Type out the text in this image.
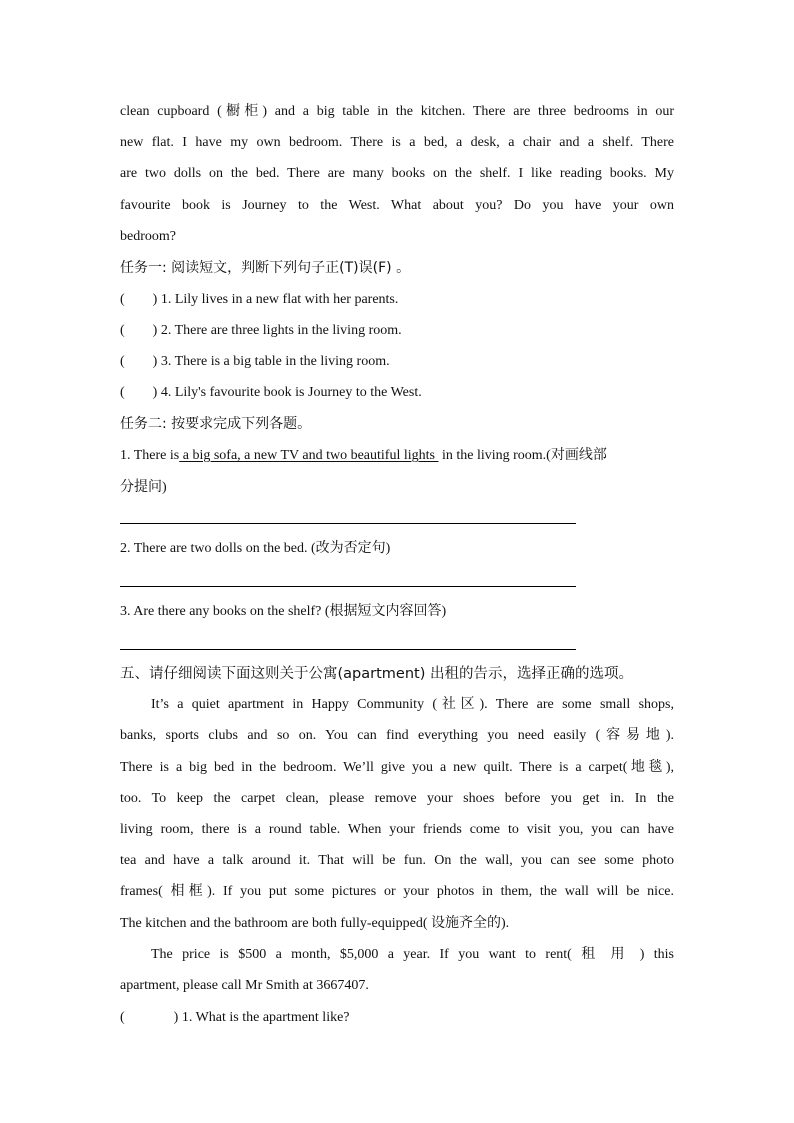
clean cupboard (橱柜) and a big table in the kitchen. There are three bedrooms in our
new flat. I have my own bedroom. There is a bed, a desk, a chair and a shelf. There
are two dolls on the bed. There are many books on the shelf. I like reading books. My
favourite book is Journey to the West. What about you? Do you have your own
bedroom?
任务一: 阅读短文，判断下列句子正(T)误(F) 。
(        ) 1. Lily lives in a new flat with her parents.
(        ) 2. There are three lights in the living room.
(        ) 3. There is a big table in the living room.
(        ) 4. Lily's favourite book is Journey to the West.
任务二: 按要求完成下列各题。
1. There is a big sofa, a new TV and two beautiful lights  in the living room.(对画线部
分提问)
2. There are two dolls on the bed. (改为否定句)
3. Are there any books on the shelf? (根据短文内容回答)
五、请仔细阅读下面这则关于公寓(apartment) 出租的告示，选择正确的选项。
It’s a quiet apartment in Happy Community (社区). There are some small shops,
banks, sports clubs and so on. You can find everything you need easily (容易地).
There is a big bed in the bedroom. We’ll give you a new quilt. There is a carpet(地毯),
too. To keep the carpet clean, please remove your shoes before you get in. In the
living room, there is a round table. When your friends come to visit you, you can have
tea and have a talk around it. That will be fun. On the wall, you can see some photo
frames( 相框). If you put some pictures or your photos in them, the wall will be nice.
The kitchen and the bathroom are both fully-equipped( 设施齐全的).
The price is $500 a month, $5,000 a year. If you want to rent( 租 用 ) this
apartment, please call Mr Smith at 3667407.
(              ) 1. What is the apartment like?
